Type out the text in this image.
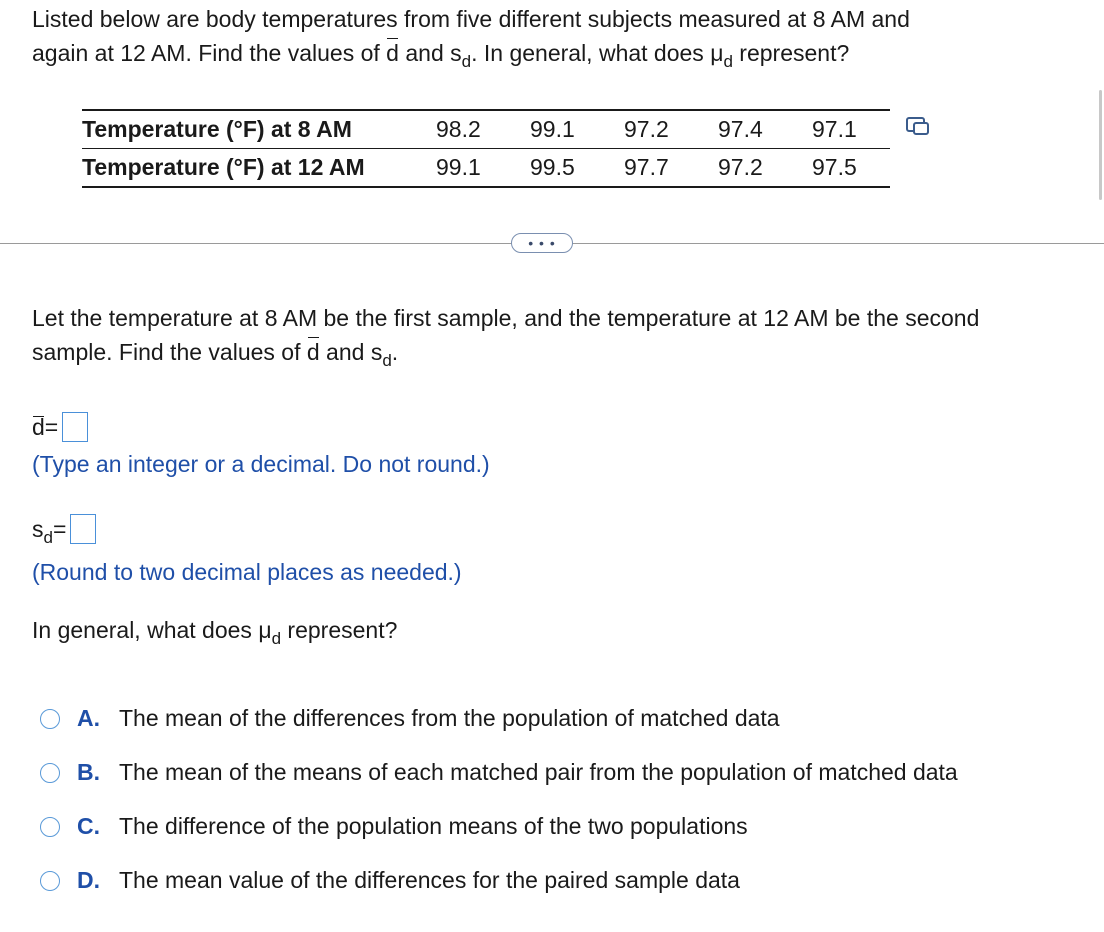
Listed below are body temperatures from five different subjects measured at 8 AM and
again at 12 AM. Find the values of d and $s_d$. In general, what does $\mu_d$ represent?
Temperature (°F) at 8 AM	98.2	99.1	97.2	97.4	97.1
Temperature (°F) at 12 AM	99.1	99.5	97.7	97.2	97.5
• • •
Let the temperature at 8 AM be the first sample, and the temperature at 12 AM be the second
sample. Find the values of d and $s_d$.
d =
(Type an integer or a decimal. Do not round.)
$s_d$ =
(Round to two decimal places as needed.)
In general, what does $\mu_d$ represent?
A. The mean of the differences from the population of matched data
B. The mean of the means of each matched pair from the population of matched data
C. The difference of the population means of the two populations
D. The mean value of the differences for the paired sample data
